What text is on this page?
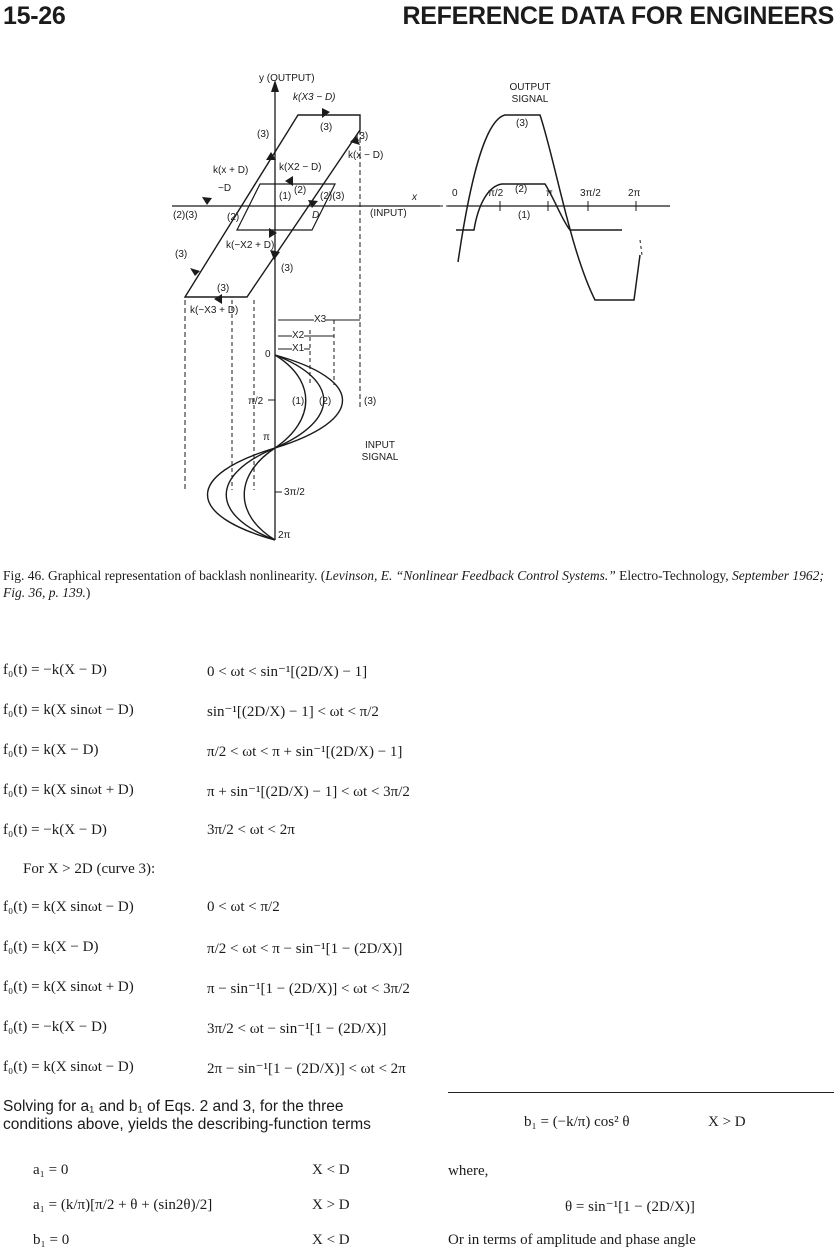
15-26	REFERENCE DATA FOR ENGINEERS
y (OUTPUT)
k(X3 − D)
(3)
(3)
(3)
k(x − D)
k(x + D)	k(X2 − D)
−D
(1)
(2)
(2)(3)	x
(2)(3)	(2)	D	(INPUT)
k(−X2 + D)
(3)
(3)
(3)
k(−X3 + D)
X3
X2
X1
0
π/2	(1) (2)	(3)
π
INPUT SIGNAL
3π/2
2π
OUTPUT SIGNAL
(3)
0	π/2 (2) π	3π/2	2π
(1)
Fig. 46. Graphical representation of backlash nonlinearity. (Levinson, E. “Nonlinear Feedback Control Systems.” Electro-Technology, September 1962; Fig. 36, p. 139.)
f₀(t) = −k(X − D)	0 < ωt < sin⁻¹[(2D/X) − 1]
f₀(t) = k(X sinωt − D)	sin⁻¹[(2D/X) − 1] < ωt < π/2
f₀(t) = k(X − D)	π/2 < ωt < π + sin⁻¹[(2D/X) − 1]
f₀(t) = k(X sinωt + D)	π + sin⁻¹[(2D/X) − 1] < ωt < 3π/2
f₀(t) = −k(X − D)	3π/2 < ωt < 2π
For X > 2D (curve 3):
f₀(t) = k(X sinωt − D)	0 < ωt < π/2
f₀(t) = k(X − D)	π/2 < ωt < π − sin⁻¹[1 − (2D/X)]
f₀(t) = k(X sinωt + D)	π − sin⁻¹[1 − (2D/X)] < ωt < 3π/2
f₀(t) = −k(X − D)	3π/2 < ωt − sin⁻¹[1 − (2D/X)]
f₀(t) = k(X sinωt − D)	2π − sin⁻¹[1 − (2D/X)] < ωt < 2π
Solving for a₁ and b₁ of Eqs. 2 and 3, for the three conditions above, yields the describing-function terms
a₁ = 0	X < D
a₁ = (k/π)[π/2 + θ + (sin2θ)/2]	X > D
b₁ = 0	X < D
b₁ = (−k/π) cos² θ	X > D
where,
θ = sin⁻¹[1 − (2D/X)]
Or in terms of amplitude and phase angle
